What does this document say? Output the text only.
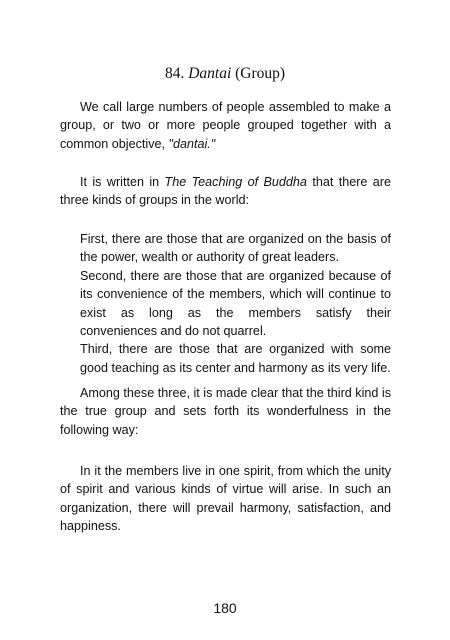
84. Dantai (Group)

We call large numbers of people assembled to make a group, or two or more people grouped together with a common objective, "dantai."

It is written in The Teaching of Buddha that there are three kinds of groups in the world:

First, there are those that are organized on the basis of the power, wealth or authority of great leaders.
Second, there are those that are organized because of its convenience of the members, which will continue to exist as long as the members satisfy their conveniences and do not quarrel.
Third, there are those that are organized with some good teaching as its center and harmony as its very life.

Among these three, it is made clear that the third kind is the true group and sets forth its wonderfulness in the following way:

In it the members live in one spirit, from which the unity of spirit and various kinds of virtue will arise. In such an organization, there will prevail harmony, satisfaction, and happiness.

180
